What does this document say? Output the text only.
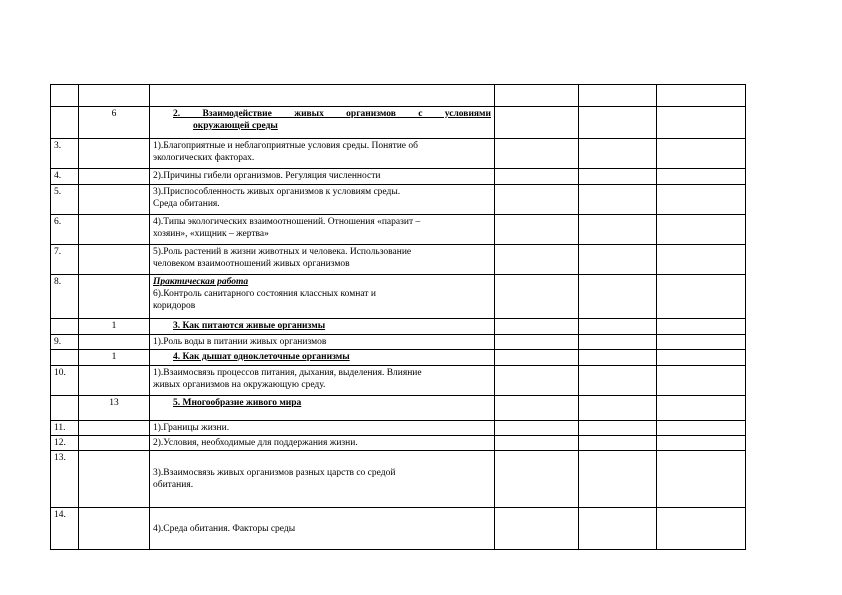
	6	2. Взаимодействие живых организмов с условиями
окружающей среды			

3.		1).Благоприятные и неблагоприятные условия среды. Понятие об
экологических факторах.			

4.		2).Причины гибели организмов. Регуляция численности			

5.		3).Приспособленность живых организмов к условиям среды.
Среда обитания.			

6.		4).Типы экологических взаимоотношений. Отношения «паразит –
хозяин», «хищник – жертва»			

7.		5).Роль растений в жизни животных и человека. Использование
человеком взаимоотношений живых организмов			

8.		Практическая работа
6).Контроль санитарного состояния классных комнат и
коридоров			

	1	3. Как питаются живые организмы			

9.		1).Роль воды в питании живых организмов			

	1	4. Как дышат одноклеточные организмы			

10.		1).Взаимосвязь процессов питания, дыхания, выделения. Влияние
живых организмов на окружающую среду.			

	13	5. Многообразие живого мира			

11.		1).Границы жизни.			

12.		2).Условия, необходимые для поддержания жизни.			

13.		3).Взаимосвязь живых организмов разных царств со средой
обитания.			

14.		4).Среда обитания. Факторы среды			
